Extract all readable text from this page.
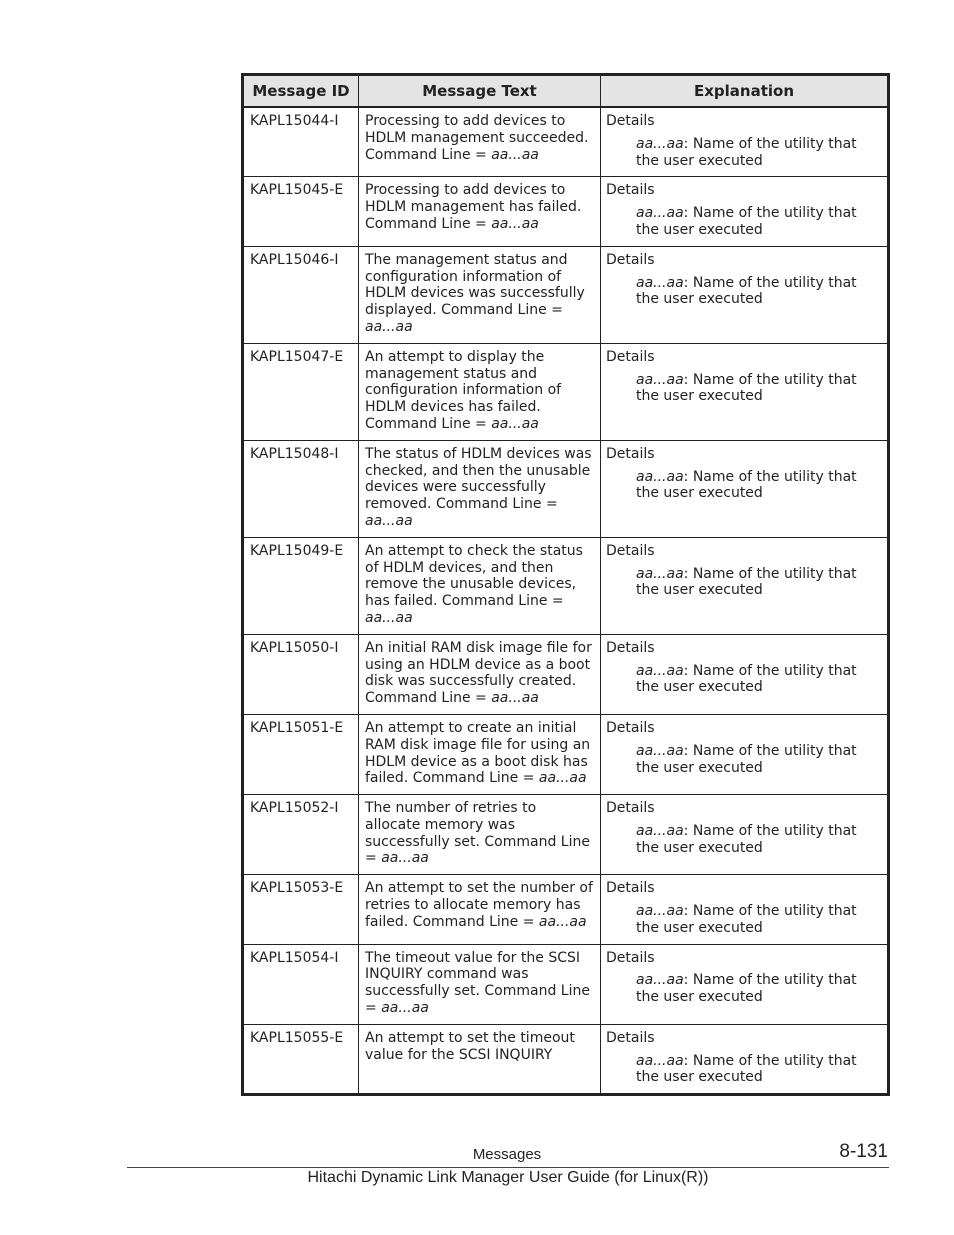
Message ID	Message Text	Explanation
KAPL15044-I	Processing to add devices to HDLM management succeeded. Command Line = aa...aa	Details
aa...aa: Name of the utility that the user executed

KAPL15045-E	Processing to add devices to HDLM management has failed. Command Line = aa...aa	Details
aa...aa: Name of the utility that the user executed

KAPL15046-I	The management status and configuration information of HDLM devices was successfully displayed. Command Line = aa...aa	Details
aa...aa: Name of the utility that the user executed

KAPL15047-E	An attempt to display the management status and configuration information of HDLM devices has failed. Command Line = aa...aa	Details
aa...aa: Name of the utility that the user executed

KAPL15048-I	The status of HDLM devices was checked, and then the unusable devices were successfully removed. Command Line = aa...aa	Details
aa...aa: Name of the utility that the user executed

KAPL15049-E	An attempt to check the status of HDLM devices, and then remove the unusable devices, has failed. Command Line = aa...aa	Details
aa...aa: Name of the utility that the user executed

KAPL15050-I	An initial RAM disk image file for using an HDLM device as a boot disk was successfully created. Command Line = aa...aa	Details
aa...aa: Name of the utility that the user executed

KAPL15051-E	An attempt to create an initial RAM disk image file for using an HDLM device as a boot disk has failed. Command Line = aa...aa	Details
aa...aa: Name of the utility that the user executed

KAPL15052-I	The number of retries to allocate memory was successfully set. Command Line = aa...aa	Details
aa...aa: Name of the utility that the user executed

KAPL15053-E	An attempt to set the number of retries to allocate memory has failed. Command Line = aa...aa	Details
aa...aa: Name of the utility that the user executed

KAPL15054-I	The timeout value for the SCSI INQUIRY command was successfully set. Command Line = aa...aa	Details
aa...aa: Name of the utility that the user executed

KAPL15055-E	An attempt to set the timeout value for the SCSI INQUIRY	Details
aa...aa: Name of the utility that the user executed
Messages	8-131
Hitachi Dynamic Link Manager User Guide (for Linux(R))
